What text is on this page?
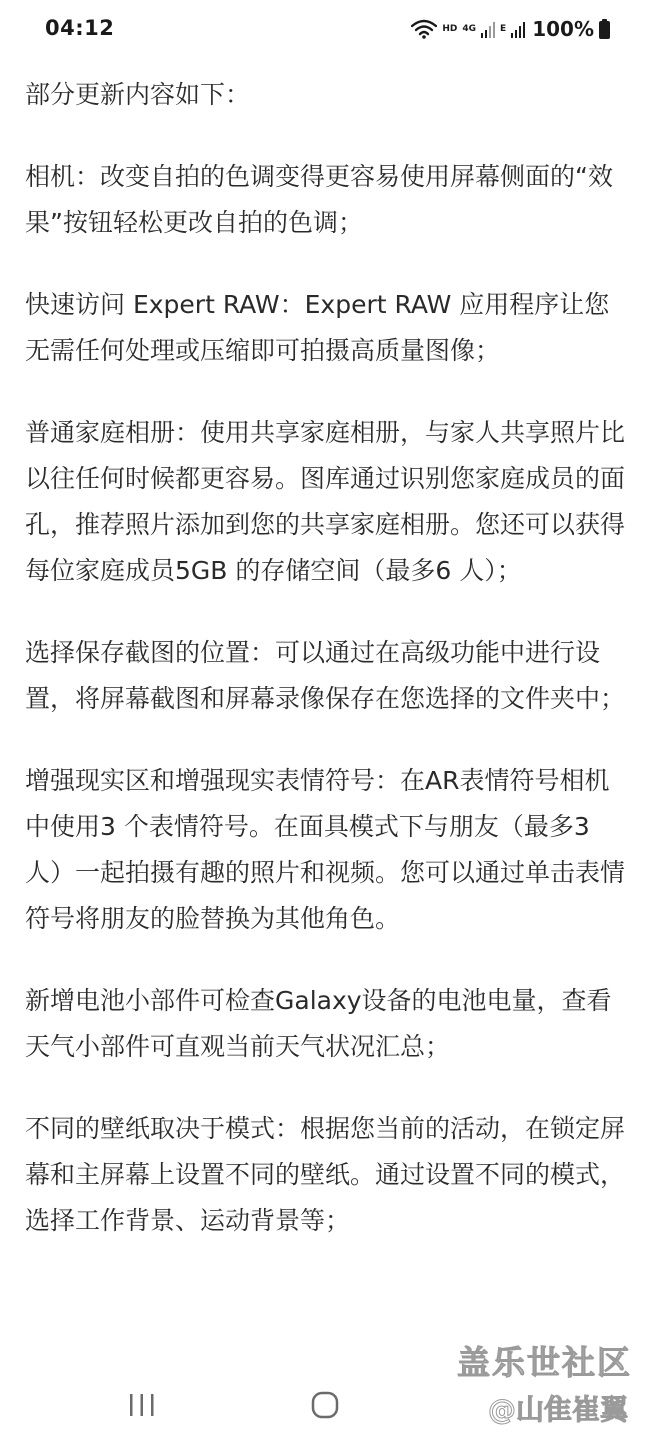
04:12	HD 4G	E 100%

部分更新内容如下：

相机：改变自拍的色调变得更容易使用屏幕侧面的“效果”按钮轻松更改自拍的色调；

快速访问 Expert RAW：Expert RAW 应用程序让您无需任何处理或压缩即可拍摄高质量图像；

普通家庭相册：使用共享家庭相册，与家人共享照片比以往任何时候都更容易。图库通过识别您家庭成员的面孔，推荐照片添加到您的共享家庭相册。您还可以获得每位家庭成员5GB 的存储空间（最多6 人）；

选择保存截图的位置：可以通过在高级功能中进行设置，将屏幕截图和屏幕录像保存在您选择的文件夹中；

增强现实区和增强现实表情符号：在AR表情符号相机中使用3 个表情符号。在面具模式下与朋友（最多3 人）一起拍摄有趣的照片和视频。您可以通过单击表情符号将朋友的脸替换为其他角色。

新增电池小部件可检查Galaxy设备的电池电量，查看天气小部件可直观当前天气状况汇总；

不同的壁纸取决于模式：根据您当前的活动，在锁定屏幕和主屏幕上设置不同的壁纸。通过设置不同的模式，选择工作背景、运动背景等；

盖乐世社区
@山隹崔翼
